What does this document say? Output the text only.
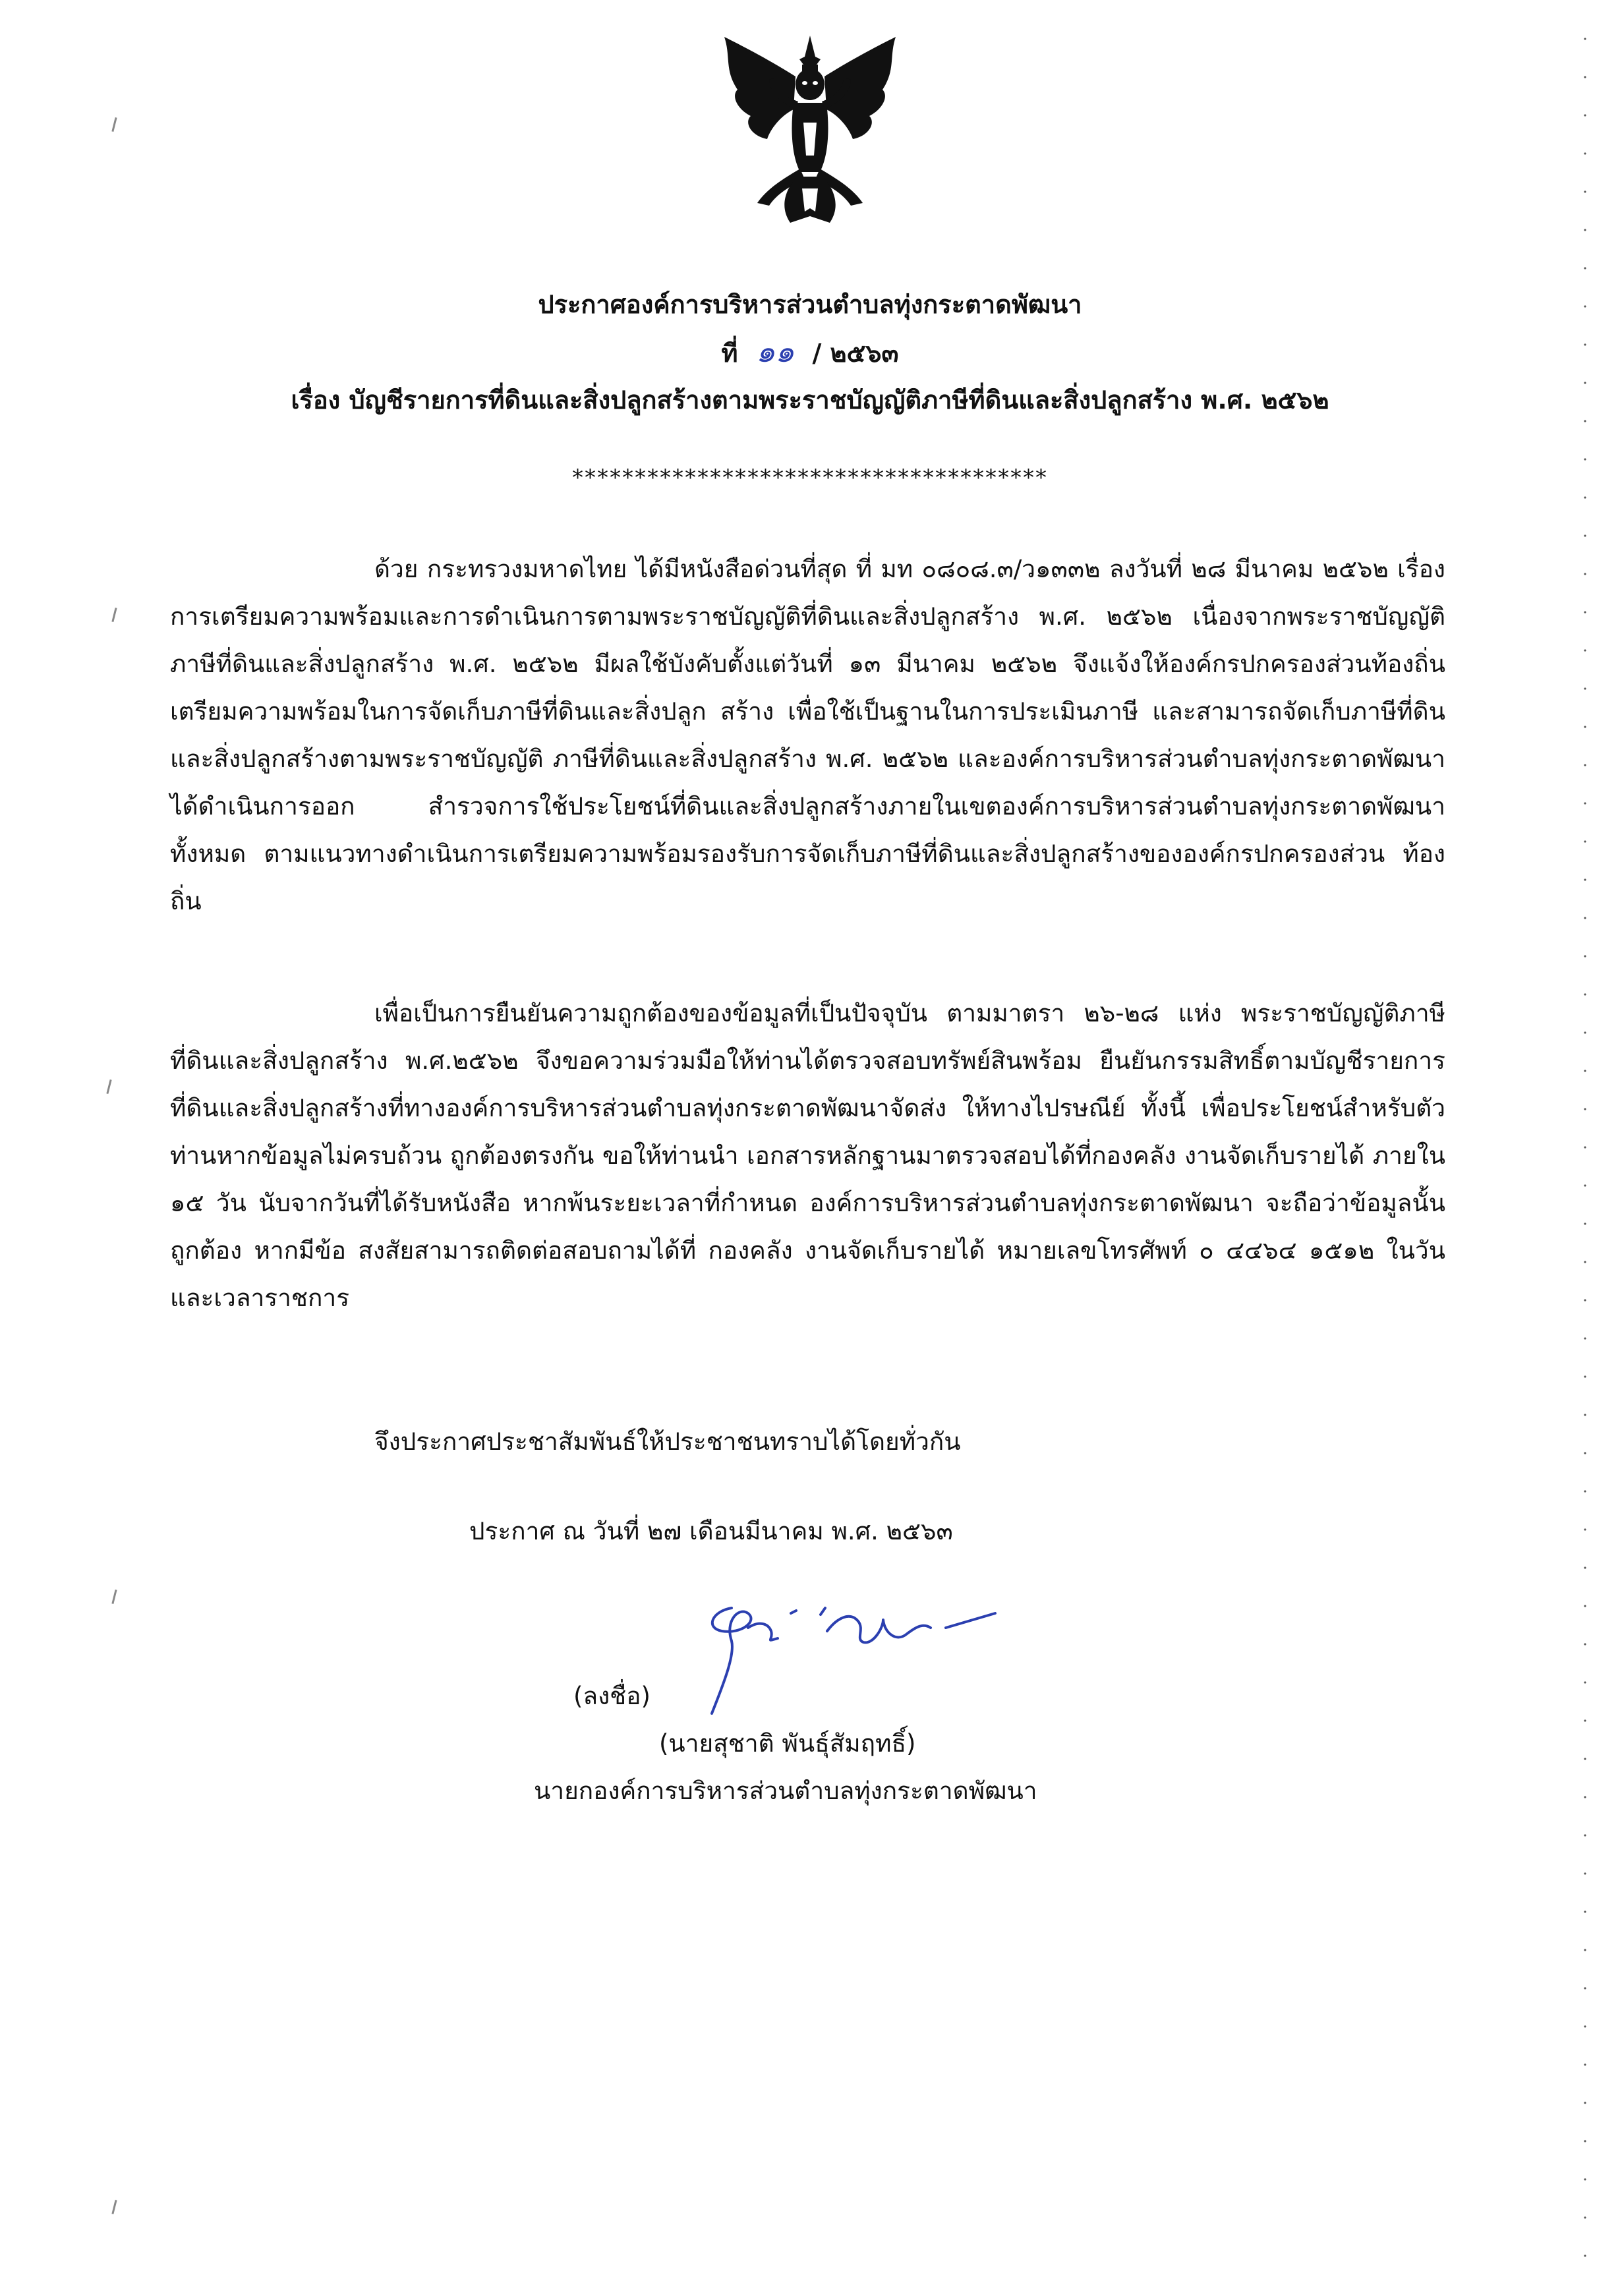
ประกาศองค์การบริหารส่วนตำบลทุ่งกระตาดพัฒนา
ที่ ๑๑ / ๒๕๖๓
เรื่อง บัญชีรายการที่ดินและสิ่งปลูกสร้างตามพระราชบัญญัติภาษีที่ดินและสิ่งปลูกสร้าง พ.ศ. ๒๕๖๒
**************************************

ด้วย กระทรวงมหาดไทย ได้มีหนังสือด่วนที่สุด ที่ มท ๐๘๐๘.๓/ว๑๓๓๒ ลงวันที่ ๒๘ มีนาคม ๒๕๖๒ เรื่องการเตรียมความพร้อมและการดำเนินการตามพระราชบัญญัติที่ดินและสิ่งปลูกสร้าง พ.ศ. ๒๕๖๒ เนื่องจากพระราชบัญญัติภาษีที่ดินและสิ่งปลูกสร้าง พ.ศ. ๒๕๖๒ มีผลใช้บังคับตั้งแต่วันที่ ๑๓ มีนาคม ๒๕๖๒ จึงแจ้งให้องค์กรปกครองส่วนท้องถิ่นเตรียมความพร้อมในการจัดเก็บภาษีที่ดินและสิ่งปลูก สร้าง เพื่อใช้เป็นฐานในการประเมินภาษี และสามารถจัดเก็บภาษีที่ดินและสิ่งปลูกสร้างตามพระราชบัญญัติ ภาษีที่ดินและสิ่งปลูกสร้าง พ.ศ. ๒๕๖๒ และองค์การบริหารส่วนตำบลทุ่งกระตาดพัฒนาได้ดำเนินการออก สำรวจการใช้ประโยชน์ที่ดินและสิ่งปลูกสร้างภายในเขตองค์การบริหารส่วนตำบลทุ่งกระตาดพัฒนาทั้งหมด ตามแนวทางดำเนินการเตรียมความพร้อมรองรับการจัดเก็บภาษีที่ดินและสิ่งปลูกสร้างขององค์กรปกครองส่วน ท้องถิ่น

เพื่อเป็นการยืนยันความถูกต้องของข้อมูลที่เป็นปัจจุบัน ตามมาตรา ๒๖-๒๘ แห่ง พระราชบัญญัติภาษีที่ดินและสิ่งปลูกสร้าง พ.ศ.๒๕๖๒ จึงขอความร่วมมือให้ท่านได้ตรวจสอบทรัพย์สินพร้อม ยืนยันกรรมสิทธิ์ตามบัญชีรายการที่ดินและสิ่งปลูกสร้างที่ทางองค์การบริหารส่วนตำบลทุ่งกระตาดพัฒนาจัดส่ง ให้ทางไปรษณีย์ ทั้งนี้ เพื่อประโยชน์สำหรับตัวท่านหากข้อมูลไม่ครบถ้วน ถูกต้องตรงกัน ขอให้ท่านนำ เอกสารหลักฐานมาตรวจสอบได้ที่กองคลัง งานจัดเก็บรายได้ ภายใน ๑๕ วัน นับจากวันที่ได้รับหนังสือ หากพ้นระยะเวลาที่กำหนด องค์การบริหารส่วนตำบลทุ่งกระตาดพัฒนา จะถือว่าข้อมูลนั้นถูกต้อง หากมีข้อ สงสัยสามารถติดต่อสอบถามได้ที่ กองคลัง งานจัดเก็บรายได้ หมายเลขโทรศัพท์ ๐ ๔๔๖๔ ๑๕๑๒ ในวัน และเวลาราชการ

จึงประกาศประชาสัมพันธ์ให้ประชาชนทราบได้โดยทั่วกัน
ประกาศ ณ วันที่ ๒๗ เดือนมีนาคม พ.ศ. ๒๕๖๓
(ลงชื่อ)
(นายสุชาติ พันธุ์สัมฤทธิ์)
นายกองค์การบริหารส่วนตำบลทุ่งกระตาดพัฒนา
